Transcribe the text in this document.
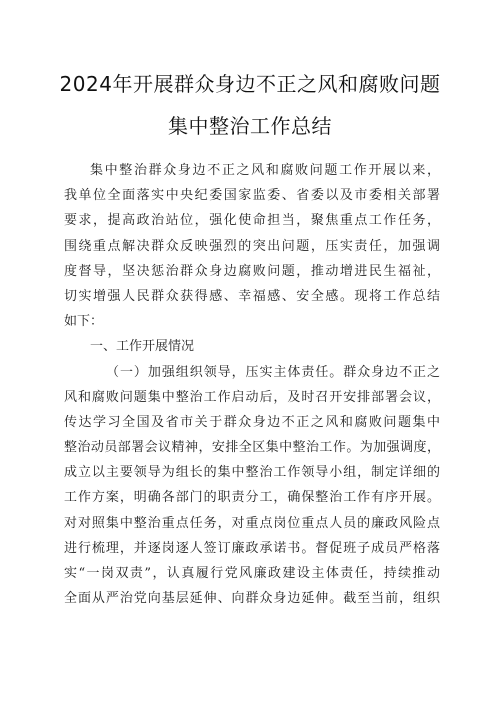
2024年开展群众身边不正之风和腐败问题
集中整治工作总结
集中整治群众身边不正之风和腐败问题工作开展以来，
我单位全面落实中央纪委国家监委、省委以及市委相关部署
要求，提高政治站位，强化使命担当，聚焦重点工作任务，
围绕重点解决群众反映强烈的突出问题，压实责任，加强调
度督导，坚决惩治群众身边腐败问题，推动增进民生福祉，
切实增强人民群众获得感、幸福感、安全感。现将工作总结
如下：
一、工作开展情况
（一）加强组织领导，压实主体责任。群众身边不正之
风和腐败问题集中整治工作启动后，及时召开安排部署会议，
传达学习全国及省市关于群众身边不正之风和腐败问题集中
整治动员部署会议精神，安排全区集中整治工作。为加强调度，
成立以主要领导为组长的集中整治工作领导小组，制定详细的
工作方案，明确各部门的职责分工，确保整治工作有序开展。
对对照集中整治重点任务，对重点岗位重点人员的廉政风险点
进行梳理，并逐岗逐人签订廉政承诺书。督促班子成员严格落
实“一岗双责”，认真履行党风廉政建设主体责任，持续推动
全面从严治党向基层延伸、向群众身边延伸。截至当前，组织
